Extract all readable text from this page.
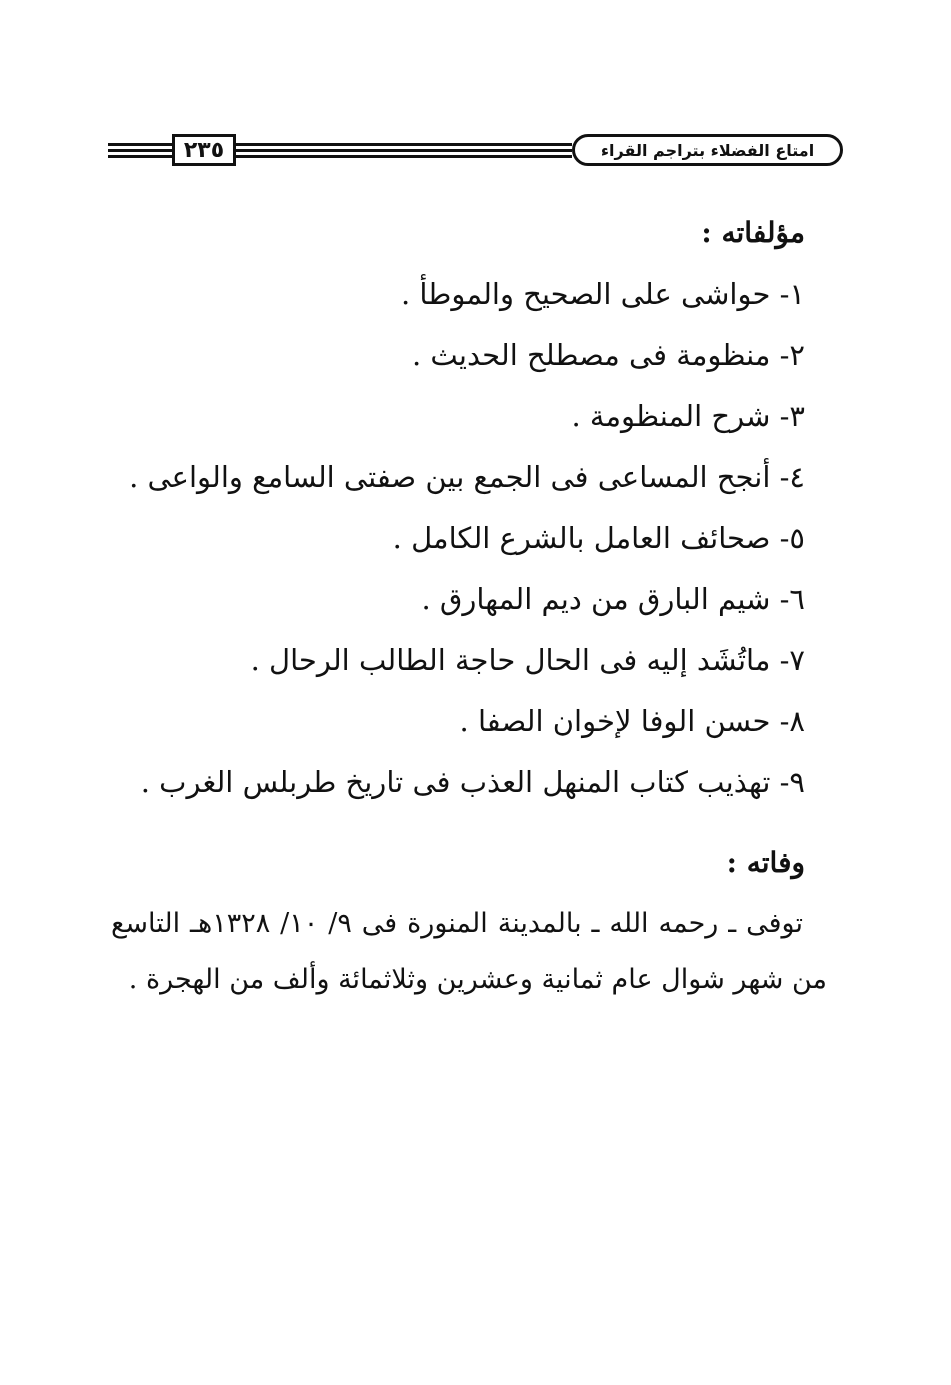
٢٣٥	امتاع الفضلاء بتراجم القراء
مؤلفاته :
١- حواشى على الصحيح والموطأ .
٢- منظومة فى مصطلح الحديث .
٣- شرح المنظومة .
٤- أنجح المساعى فى الجمع بين صفتى السامع والواعى .
٥- صحائف العامل بالشرع الكامل .
٦- شيم البارق من ديم المهارق .
٧- ماتُشَد إليه فى الحال حاجة الطالب الرحال .
٨- حسن الوفا لإخوان الصفا .
٩- تهذيب كتاب المنهل العذب فى تاريخ طربلس الغرب .
وفاته :

توفى ـ رحمه الله ـ بالمدينة المنورة فى ٩/ ١٠/ ١٣٢٨هـ التاسع من شهر شوال عام ثمانية وعشرين وثلاثمائة وألف من الهجرة .
